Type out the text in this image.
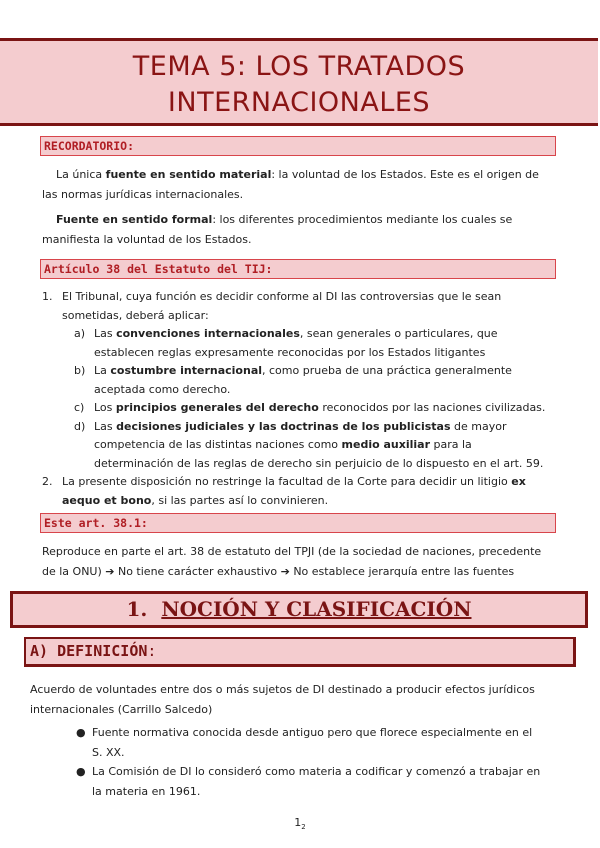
TEMA 5: LOS TRATADOS
INTERNACIONALES
RECORDATORIO:
La única fuente en sentido material: la voluntad de los Estados. Este es el origen de las normas jurídicas internacionales.
Fuente en sentido formal: los diferentes procedimientos mediante los cuales se manifiesta la voluntad de los Estados.
Artículo 38 del Estatuto del TIJ:
1. El Tribunal, cuya función es decidir conforme al DI las controversias que le sean sometidas, deberá aplicar:
a) Las convenciones internacionales, sean generales o particulares, que establecen reglas expresamente reconocidas por los Estados litigantes
b) La costumbre internacional, como prueba de una práctica generalmente aceptada como derecho.
c) Los principios generales del derecho reconocidos por las naciones civilizadas.
d) Las decisiones judiciales y las doctrinas de los publicistas de mayor competencia de las distintas naciones como medio auxiliar para la determinación de las reglas de derecho sin perjuicio de lo dispuesto en el art. 59.
2. La presente disposición no restringe la facultad de la Corte para decidir un litigio ex aequo et bono, si las partes así lo convinieren.
Este art. 38.1:
Reproduce en parte el art. 38 de estatuto del TPJI (de la sociedad de naciones, precedente de la ONU) ➔ No tiene carácter exhaustivo ➔ No establece jerarquía entre las fuentes
1. NOCIÓN Y CLASIFICACIÓN
A) DEFINICIÓN:
Acuerdo de voluntades entre dos o más sujetos de DI destinado a producir efectos jurídicos internacionales (Carrillo Salcedo)
● Fuente normativa conocida desde antiguo pero que florece especialmente en el S. XX.
● La Comisión de DI lo consideró como materia a codificar y comenzó a trabajar en la materia en 1961.
$1_2$
